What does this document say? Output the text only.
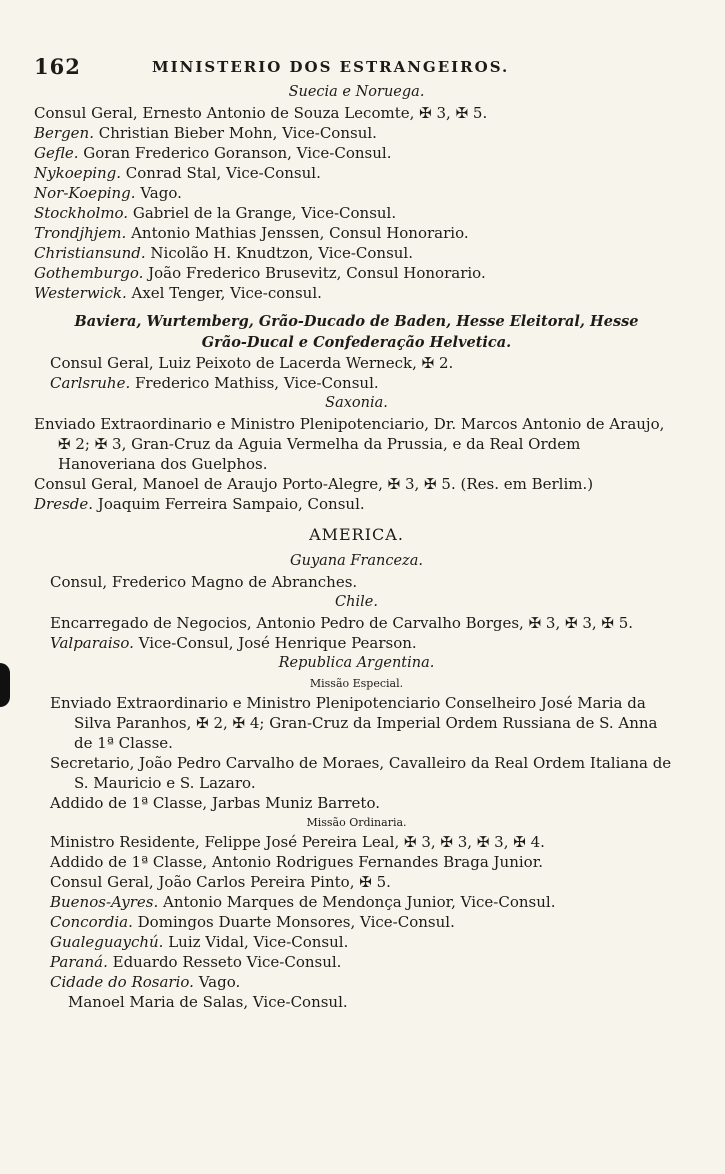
162	MINISTERIO DOS ESTRANGEIROS.
Suecia e Noruega.
Consul Geral, Ernesto Antonio de Souza Lecomte, ✠ 3, ✠ 5.
Bergen. Christian Bieber Mohn, Vice-Consul.
Gefle. Goran Frederico Goranson, Vice-Consul.
Nykoeping. Conrad Stal, Vice-Consul.
Nor-Koeping. Vago.
Stockholmo. Gabriel de la Grange, Vice-Consul.
Trondjhjem. Antonio Mathias Jenssen, Consul Honorario.
Christiansund. Nicolão H. Knudtzon, Vice-Consul.
Gothemburgo. João Frederico Brusevitz, Consul Honorario.
Westerwick. Axel Tenger, Vice-consul.
Baviera, Wurtemberg, Grão-Ducado de Baden, Hesse Eleitoral, Hesse Grão-Ducal e Confederação Helvetica.
Consul Geral, Luiz Peixoto de Lacerda Werneck, ✠ 2.
Carlsruhe. Frederico Mathiss, Vice-Consul.
Saxonia.
Enviado Extraordinario e Ministro Plenipotenciario, Dr. Marcos Antonio de Araujo, ✠ 2; ✠ 3, Gran-Cruz da Aguia Vermelha da Prussia, e da Real Ordem Hanoveriana dos Guelphos.
Consul Geral, Manoel de Araujo Porto-Alegre, ✠ 3, ✠ 5. (Res. em Berlim.)
Dresde. Joaquim Ferreira Sampaio, Consul.
AMERICA.
Guyana Franceza.
Consul, Frederico Magno de Abranches.
Chile.
Encarregado de Negocios, Antonio Pedro de Carvalho Borges, ✠ 3, ✠ 3, ✠ 5.
Valparaiso. Vice-Consul, José Henrique Pearson.
Republica Argentina.
Missão Especial.
Enviado Extraordinario e Ministro Plenipotenciario Conselheiro José Maria da Silva Paranhos, ✠ 2, ✠ 4; Gran-Cruz da Imperial Ordem Russiana de S. Anna de 1ª Classe.
Secretario, João Pedro Carvalho de Moraes, Cavalleiro da Real Ordem Italiana de S. Mauricio e S. Lazaro.
Addido de 1ª Classe, Jarbas Muniz Barreto.
Missão Ordinaria.
Ministro Residente, Felippe José Pereira Leal, ✠ 3, ✠ 3, ✠ 3, ✠ 4.
Addido de 1ª Classe, Antonio Rodrigues Fernandes Braga Junior.
Consul Geral, João Carlos Pereira Pinto, ✠ 5.
Buenos-Ayres. Antonio Marques de Mendonça Junior, Vice-Consul.
Concordia. Domingos Duarte Monsores, Vice-Consul.
Gualeguaychú. Luiz Vidal, Vice-Consul.
Paraná. Eduardo Resseto Vice-Consul.
Cidade do Rosario. Vago.
Manoel Maria de Salas, Vice-Consul.
